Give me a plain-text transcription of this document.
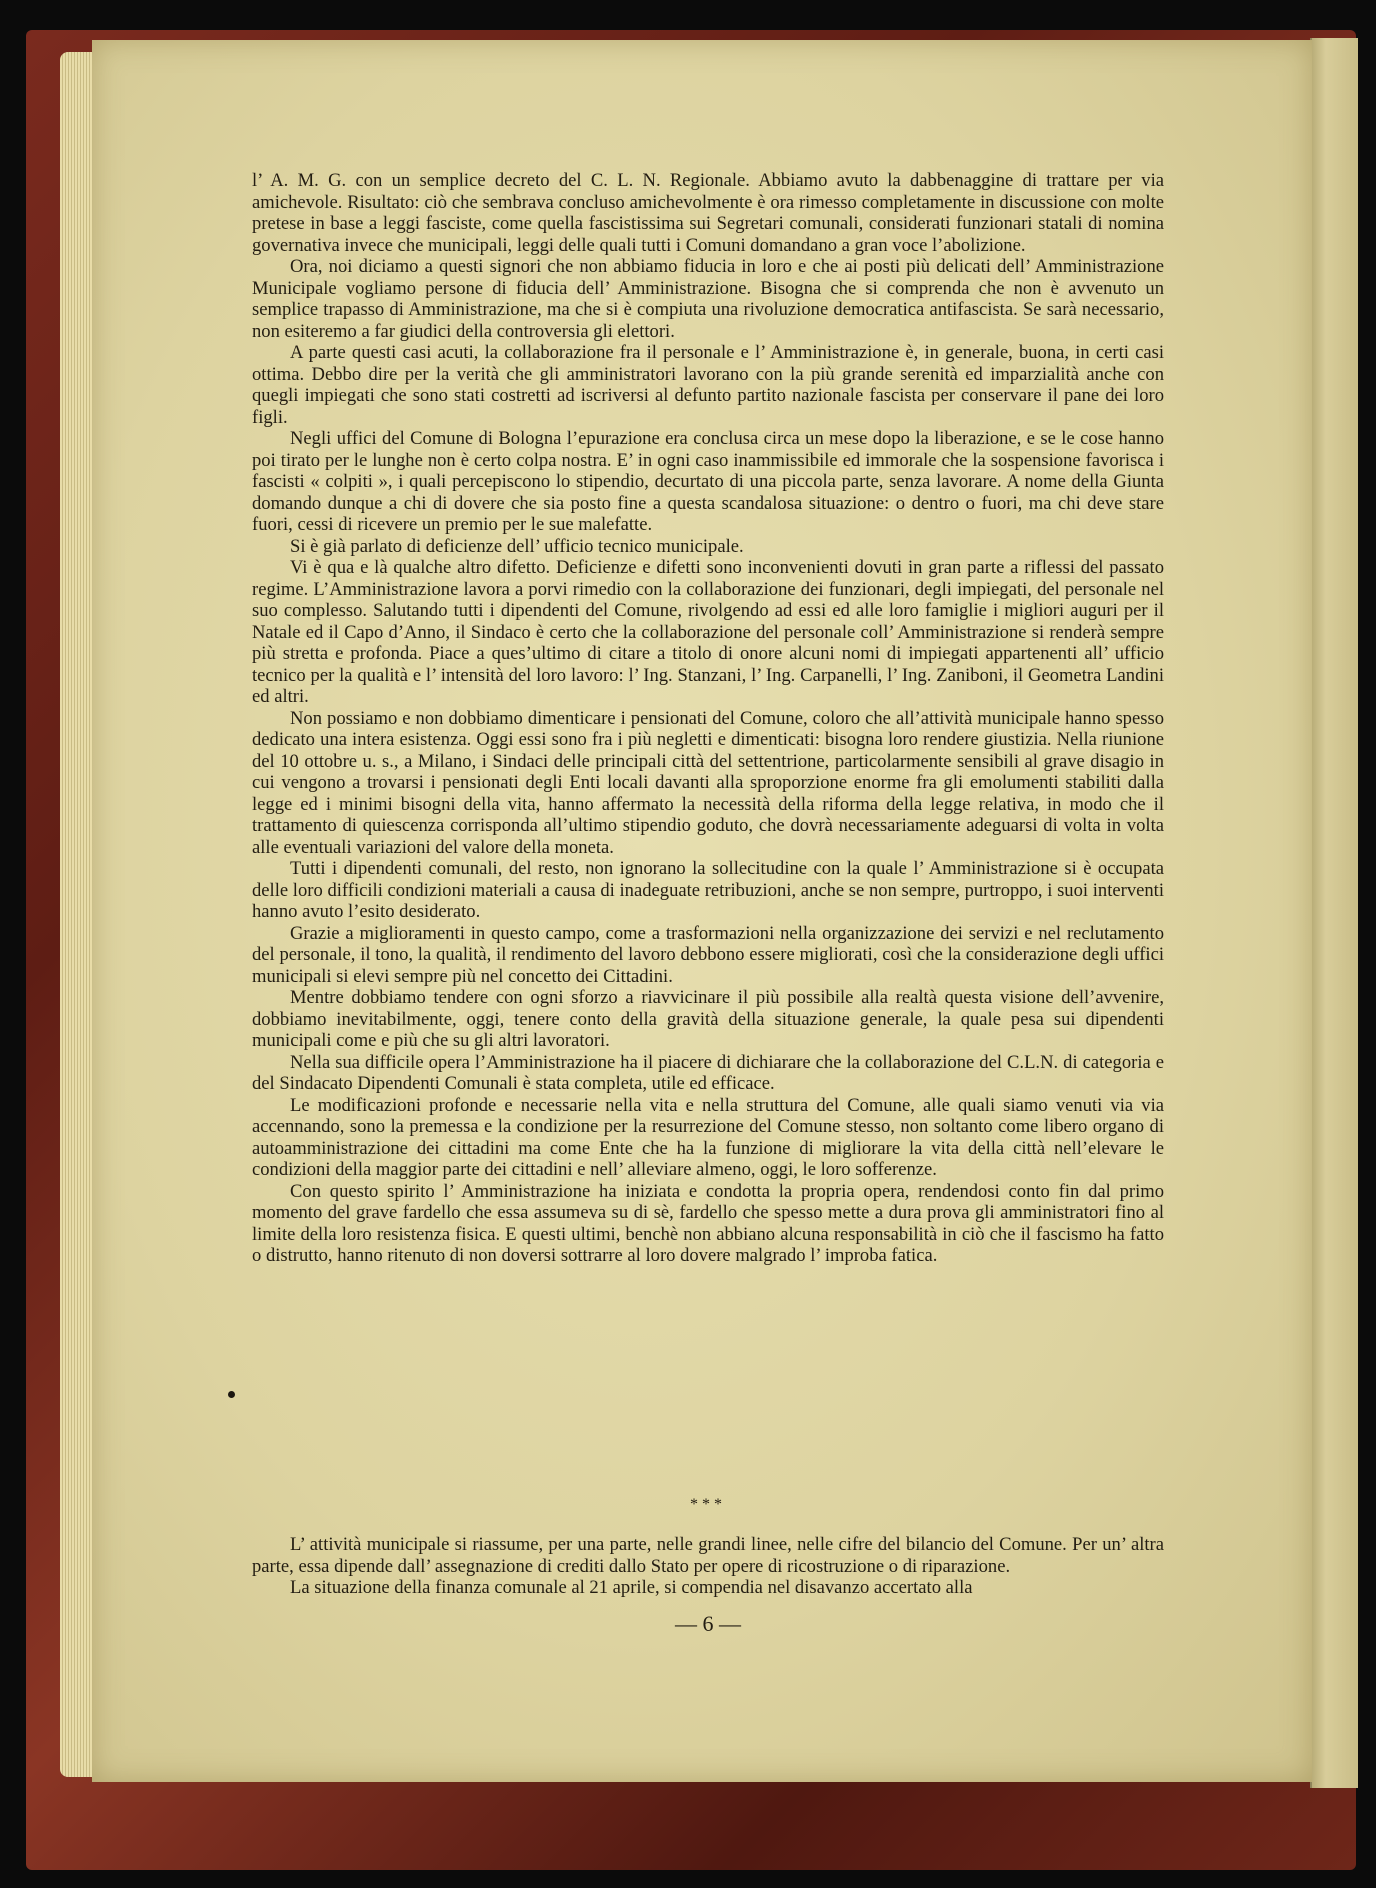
l’ A. M. G. con un semplice decreto del C. L. N. Regionale. Abbiamo avuto la dabbenaggine di trattare per via amichevole. Risultato: ciò che sembrava concluso amichevolmente è ora rimesso completamente in discussione con molte pretese in base a leggi fasciste, come quella fascistissima sui Segretari comunali, considerati funzionari statali di nomina governativa invece che municipali, leggi delle quali tutti i Comuni domandano a gran voce l’abolizione.

Ora, noi diciamo a questi signori che non abbiamo fiducia in loro e che ai posti più delicati dell’ Amministrazione Municipale vogliamo persone di fiducia dell’ Amministrazione. Bisogna che si comprenda che non è avvenuto un semplice trapasso di Amministrazione, ma che si è compiuta una rivoluzione democratica antifascista. Se sarà necessario, non esiteremo a far giudici della controversia gli elettori.

A parte questi casi acuti, la collaborazione fra il personale e l’ Amministrazione è, in generale, buona, in certi casi ottima. Debbo dire per la verità che gli amministratori lavorano con la più grande serenità ed imparzialità anche con quegli impiegati che sono stati costretti ad iscriversi al defunto partito nazionale fascista per conservare il pane dei loro figli.

Negli uffici del Comune di Bologna l’epurazione era conclusa circa un mese dopo la liberazione, e se le cose hanno poi tirato per le lunghe non è certo colpa nostra. E’ in ogni caso inammissibile ed immorale che la sospensione favorisca i fascisti « colpiti », i quali percepiscono lo stipendio, decurtato di una piccola parte, senza lavorare. A nome della Giunta domando dunque a chi di dovere che sia posto fine a questa scandalosa situazione: o dentro o fuori, ma chi deve stare fuori, cessi di ricevere un premio per le sue malefatte.

Si è già parlato di deficienze dell’ ufficio tecnico municipale.

Vi è qua e là qualche altro difetto. Deficienze e difetti sono inconvenienti dovuti in gran parte a riflessi del passato regime. L’Amministrazione lavora a porvi rimedio con la collaborazione dei funzionari, degli impiegati, del personale nel suo complesso. Salutando tutti i dipendenti del Comune, rivolgendo ad essi ed alle loro famiglie i migliori auguri per il Natale ed il Capo d’Anno, il Sindaco è certo che la collaborazione del personale coll’ Amministrazione si renderà sempre più stretta e profonda. Piace a ques’ultimo di citare a titolo di onore alcuni nomi di impiegati appartenenti all’ ufficio tecnico per la qualità e l’ intensità del loro lavoro: l’ Ing. Stanzani, l’ Ing. Carpanelli, l’ Ing. Zaniboni, il Geometra Landini ed altri.

Non possiamo e non dobbiamo dimenticare i pensionati del Comune, coloro che all’attività municipale hanno spesso dedicato una intera esistenza. Oggi essi sono fra i più negletti e dimenticati: bisogna loro rendere giustizia. Nella riunione del 10 ottobre u. s., a Milano, i Sindaci delle principali città del settentrione, particolarmente sensibili al grave disagio in cui vengono a trovarsi i pensionati degli Enti locali davanti alla sproporzione enorme fra gli emolumenti stabiliti dalla legge ed i minimi bisogni della vita, hanno affermato la necessità della riforma della legge relativa, in modo che il trattamento di quiescenza corrisponda all’ultimo stipendio goduto, che dovrà necessariamente adeguarsi di volta in volta alle eventuali variazioni del valore della moneta.

Tutti i dipendenti comunali, del resto, non ignorano la sollecitudine con la quale l’ Amministrazione si è occupata delle loro difficili condizioni materiali a causa di inadeguate retribuzioni, anche se non sempre, purtroppo, i suoi interventi hanno avuto l’esito desiderato.

Grazie a miglioramenti in questo campo, come a trasformazioni nella organizzazione dei servizi e nel reclutamento del personale, il tono, la qualità, il rendimento del lavoro debbono essere migliorati, così che la considerazione degli uffici municipali si elevi sempre più nel concetto dei Cittadini.

Mentre dobbiamo tendere con ogni sforzo a riavvicinare il più possibile alla realtà questa visione dell’avvenire, dobbiamo inevitabilmente, oggi, tenere conto della gravità della situazione generale, la quale pesa sui dipendenti municipali come e più che su gli altri lavoratori.

Nella sua difficile opera l’Amministrazione ha il piacere di dichiarare che la collaborazione del C.L.N. di categoria e del Sindacato Dipendenti Comunali è stata completa, utile ed efficace.

Le modificazioni profonde e necessarie nella vita e nella struttura del Comune, alle quali siamo venuti via via accennando, sono la premessa e la condizione per la resurrezione del Comune stesso, non soltanto come libero organo di autoamministrazione dei cittadini ma come Ente che ha la funzione di migliorare la vita della città nell’elevare le condizioni della maggior parte dei cittadini e nell’ alleviare almeno, oggi, le loro sofferenze.

Con questo spirito l’ Amministrazione ha iniziata e condotta la propria opera, rendendosi conto fin dal primo momento del grave fardello che essa assumeva su di sè, fardello che spesso mette a dura prova gli amministratori fino al limite della loro resistenza fisica. E questi ultimi, benchè non abbiano alcuna responsabilità in ciò che il fascismo ha fatto o distrutto, hanno ritenuto di non doversi sottrarre al loro dovere malgrado l’ improba fatica.

***

L’ attività municipale si riassume, per una parte, nelle grandi linee, nelle cifre del bilancio del Comune. Per un’ altra parte, essa dipende dall’ assegnazione di crediti dallo Stato per opere di ricostruzione o di riparazione.

La situazione della finanza comunale al 21 aprile, si compendia nel disavanzo accertato alla

— 6 —
